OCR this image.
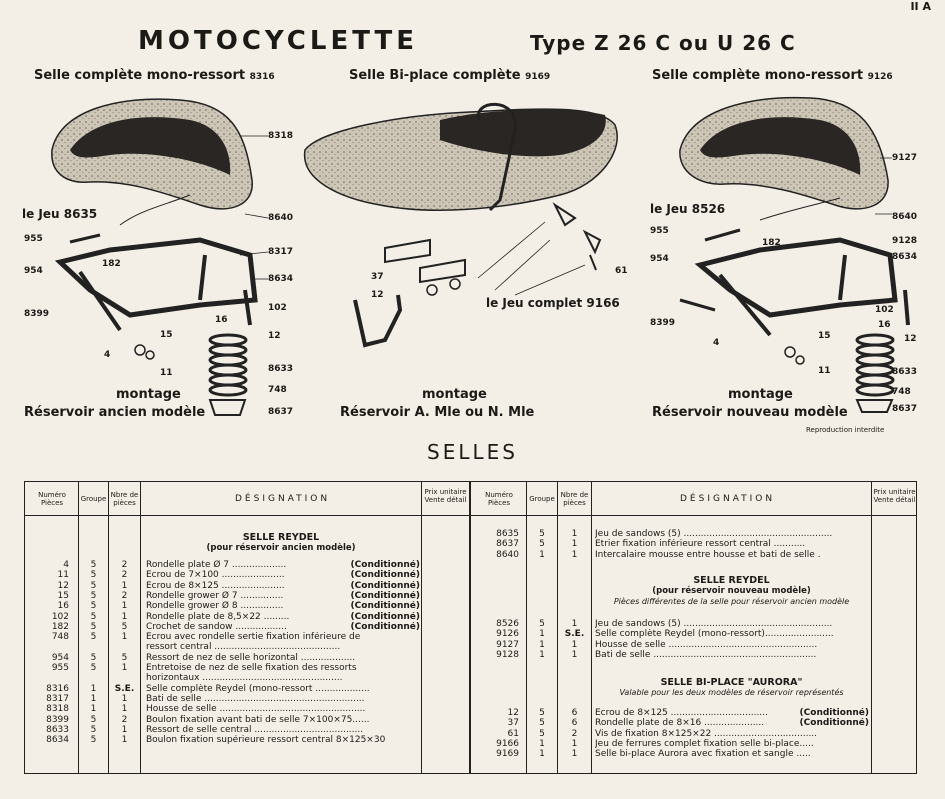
II A
MOTOCYCLETTE	Type Z 26 C ou U 26 C
Selle complète mono-ressort 8316	Selle Bi-place complète 9169	Selle complète mono-ressort 9126
8318
le Jeu 8635	8640
955
8317
182
954
8634
8399
102
16
12
15
4
11	8633
748
8637
37
12
61
le Jeu complet 9166
9127
le Jeu 8526
8640
955
9128
182
954	8634
102
16
8399
12
15
4
11	8633
748
8637
montage
Réservoir ancien modèle
montage
Réservoir A. Mle ou N. Mle
montage
Réservoir nouveau modèle
Reproduction interdite
SELLES
Numéro Pièces	Groupe Nbre de pièces	DÉSIGNATION
Prix unitaire Vente détail
Numéro Pièces	Groupe Nbre de pièces	DÉSIGNATION
Prix unitaire Vente détail
SELLE REYDEL
(pour réservoir ancien modèle)
4	5	2	Rondelle plate Ø 7 ...................	(Conditionné)
11	5	2	Ecrou de 7×100 ......................	(Conditionné)
12	5	1	Ecrou de 8×125 ......................	(Conditionné)
15	5	2	Rondelle grower Ø 7 ...............	(Conditionné)
16	5	1	Rondelle grower Ø 8 ...............	(Conditionné)
102	5	1	Rondelle plate de 8,5×22 .........	(Conditionné)
182	5	5	Crochet de sandow ..................	(Conditionné)
748	5	1	Ecrou avec rondelle sertie fixation inférieure de
ressort central ............................................
954	5	5	Ressort de nez de selle horizontal ...................
955	5	1	Entretoise de nez de selle fixation des ressorts
horizontaux .................................................
8316	1	S.E.	Selle complète Reydel (mono-ressort ...................
8317	1	1	Bati de selle ........................................................
8318	1	1	Housse de selle ...................................................
8399	5	2	Boulon fixation avant bati de selle 7×100×75......
8633	5	1	Ressort de selle central ......................................
8634	5	1	Boulon fixation supérieure ressort central 8×125×30
8635	5	1	Jeu de sandows (5) ....................................................
8637	5	1	Etrier fixation inférieure ressort central ...........
8640	1	1	Intercalaire mousse entre housse et bati de selle .
8526	5	1	Jeu de sandows (5) ....................................................
9126	1	S.E.	Selle complète Reydel (mono-ressort)........................
9127	1	1	Housse de selle ....................................................
9128	1	1	Bati de selle .........................................................
12	5	6	Ecrou de 8×125 ..................................	(Conditionné)
37	5	6	Rondelle plate de 8×16 .....................	(Conditionné)
61	5	2	Vis de fixation 8×125×22 ....................................
9166	1	1	Jeu de ferrures complet fixation selle bi-place.....
9169	1	1	Selle bi-place Aurora avec fixation et sangle .....
SELLE REYDEL
(pour réservoir nouveau modèle)
Pièces différentes de la selle pour réservoir ancien modèle
SELLE BI-PLACE "AURORA"
Valable pour les deux modèles de réservoir représentés
